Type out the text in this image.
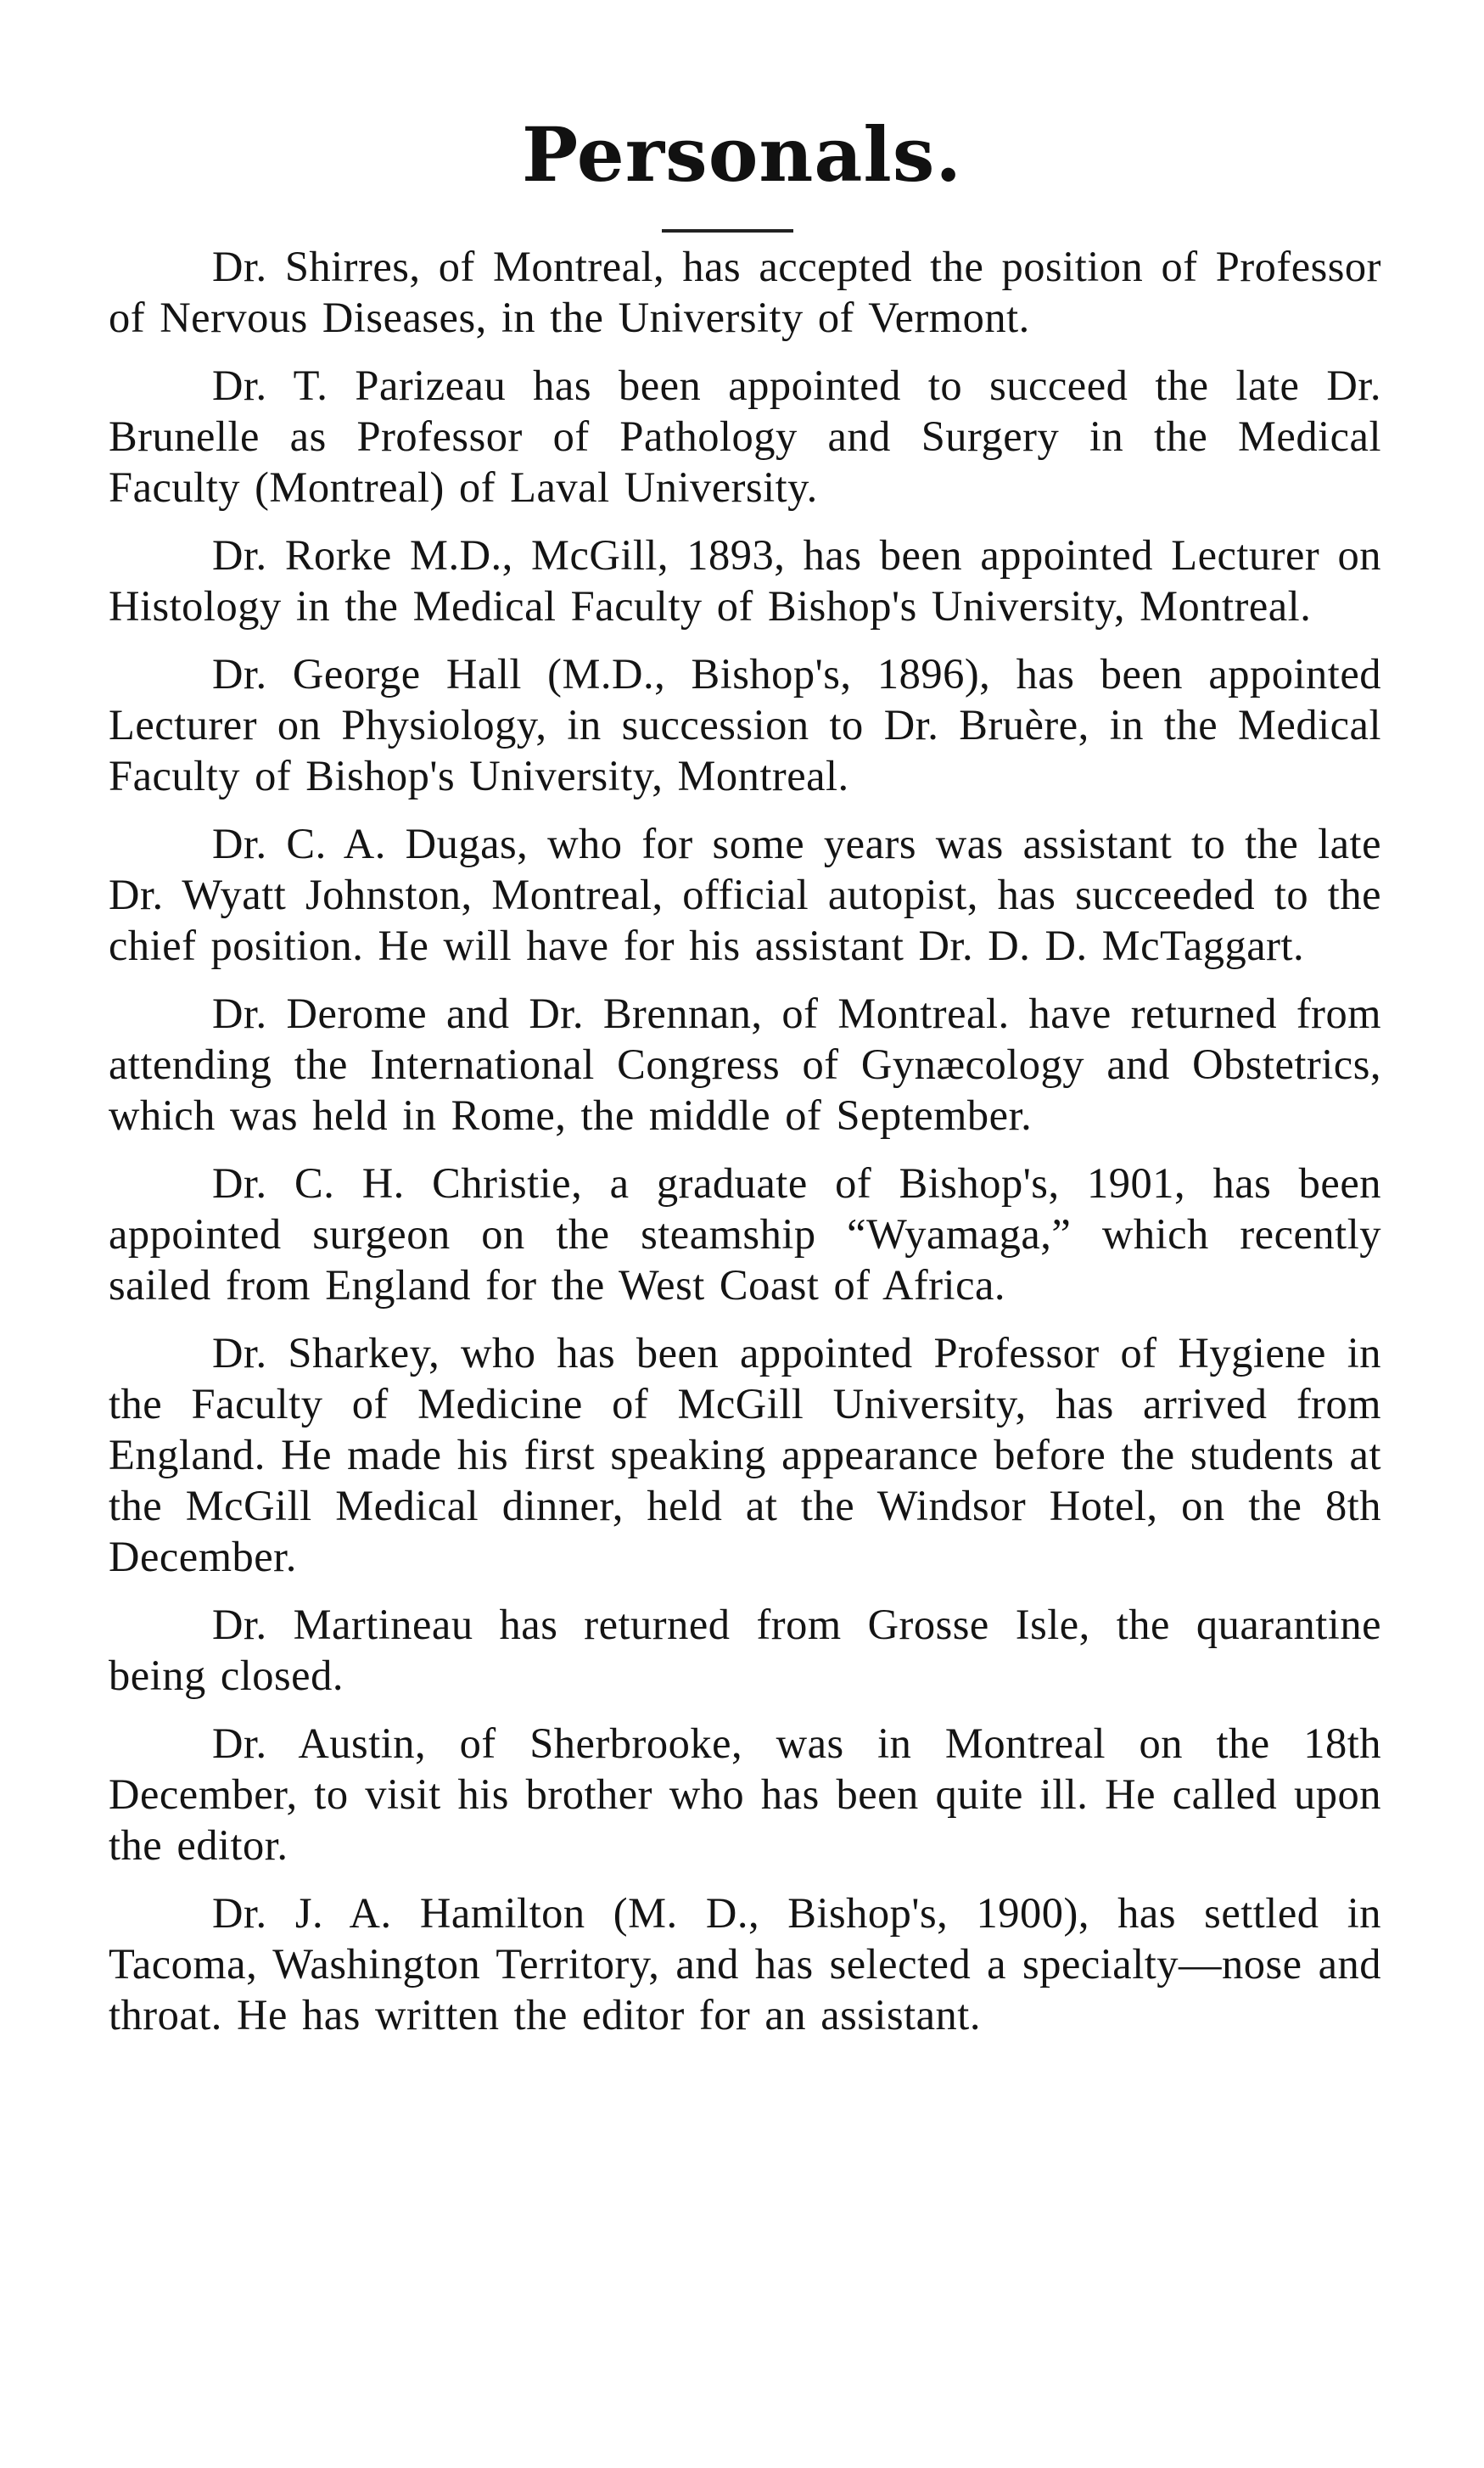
Personals.

Dr. Shirres, of Montreal, has accepted the position of Professor of Nervous Diseases, in the University of Vermont.

Dr. T. Parizeau has been appointed to succeed the late Dr. Brunelle as Professor of Pathology and Surgery in the Medical Faculty (Montreal) of Laval University.

Dr. Rorke M.D., McGill, 1893, has been appointed Lecturer on Histology in the Medical Faculty of Bishop's University, Montreal.

Dr. George Hall (M.D., Bishop's, 1896), has been appointed Lecturer on Physiology, in succession to Dr. Bruère, in the Medical Faculty of Bishop's University, Montreal.

Dr. C. A. Dugas, who for some years was assistant to the late Dr. Wyatt Johnston, Montreal, official autopist, has succeeded to the chief position. He will have for his assistant Dr. D. D. McTaggart.

Dr. Derome and Dr. Brennan, of Montreal. have returned from attending the International Congress of Gynæcology and Obstetrics, which was held in Rome, the middle of September.

Dr. C. H. Christie, a graduate of Bishop's, 1901, has been appointed surgeon on the steamship “Wyamaga,” which recently sailed from England for the West Coast of Africa.

Dr. Sharkey, who has been appointed Professor of Hygiene in the Faculty of Medicine of McGill University, has arrived from England. He made his first speaking appearance before the students at the McGill Medical dinner, held at the Windsor Hotel, on the 8th December.

Dr. Martineau has returned from Grosse Isle, the quarantine being closed.

Dr. Austin, of Sherbrooke, was in Montreal on the 18th December, to visit his brother who has been quite ill. He called upon the editor.

Dr. J. A. Hamilton (M. D., Bishop's, 1900), has settled in Tacoma, Washington Territory, and has selected a specialty—nose and throat. He has written the editor for an assistant.
